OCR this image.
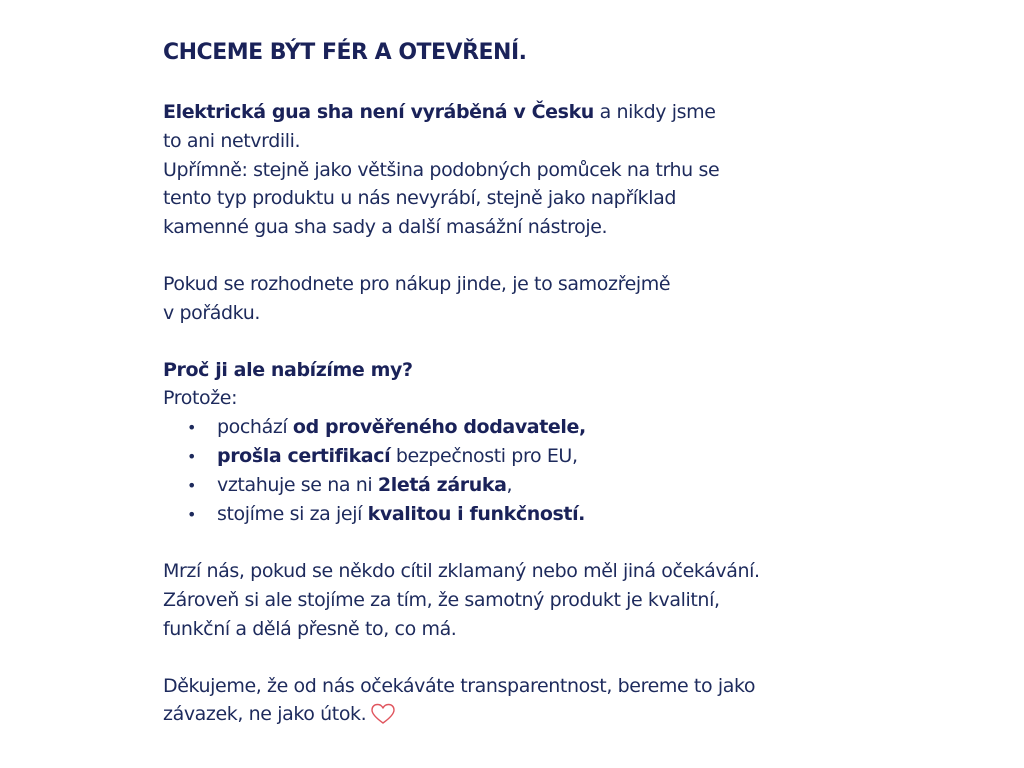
CHCEME BÝT FÉR A OTEVŘENÍ.

Elektrická gua sha není vyráběná v Česku a nikdy jsme
to ani netvrdili.
Upřímně: stejně jako většina podobných pomůcek na trhu se
tento typ produktu u nás nevyrábí, stejně jako například
kamenné gua sha sady a další masážní nástroje.

Pokud se rozhodnete pro nákup jinde, je to samozřejmě
v pořádku.

Proč ji ale nabízíme my?
Protože:

• pochází od prověřeného dodavatele,
• prošla certifikací bezpečnosti pro EU,
• vztahuje se na ni 2letá záruka,
• stojíme si za její kvalitou i funkčností.

Mrzí nás, pokud se někdo cítil zklamaný nebo měl jiná očekávání.
Zároveň si ale stojíme za tím, že samotný produkt je kvalitní,
funkční a dělá přesně to, co má.

Děkujeme, že od nás očekáváte transparentnost, bereme to jako
závazek, ne jako útok.
